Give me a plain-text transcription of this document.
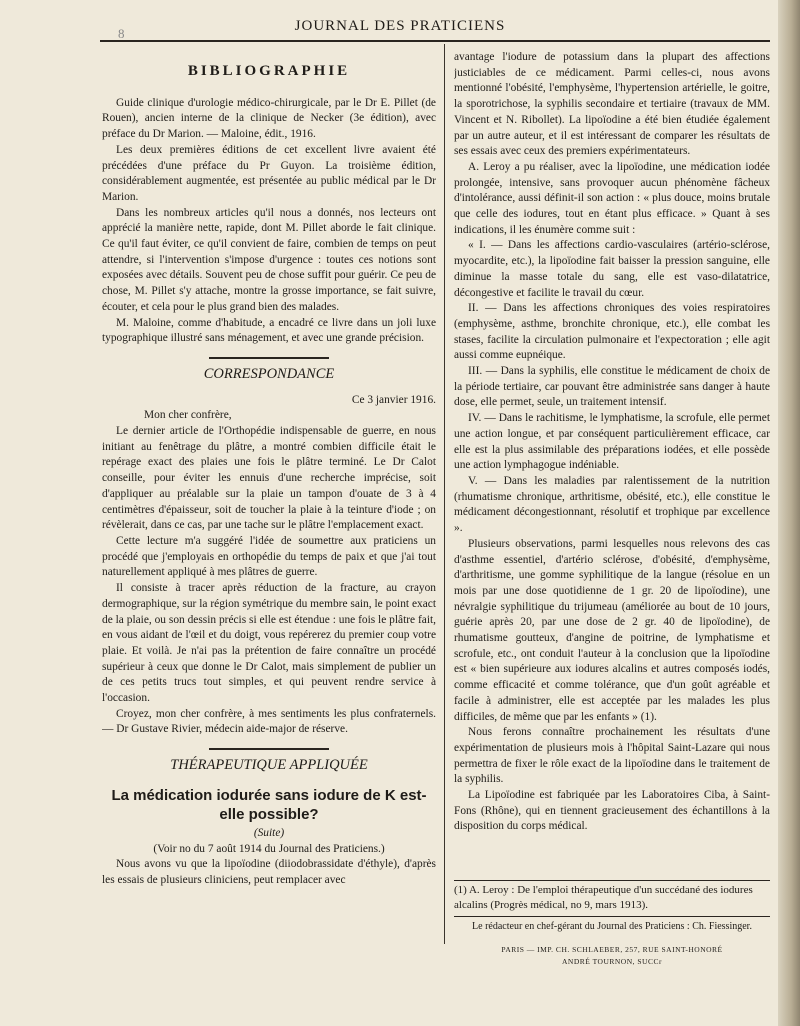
JOURNAL DES PRATICIENS
8
BIBLIOGRAPHIE

Guide clinique d'urologie médico-chirurgicale, par le Dr E. Pillet (de Rouen), ancien interne de la clinique de Necker (3e édition), avec préface du Dr Marion. — Maloine, édit., 1916.

Les deux premières éditions de cet excellent livre avaient été précédées d'une préface du Pr Guyon. La troisième édition, considérablement augmentée, est présentée au public médical par le Dr Marion.

Dans les nombreux articles qu'il nous a donnés, nos lecteurs ont apprécié la manière nette, rapide, dont M. Pillet aborde le fait clinique. Ce qu'il faut éviter, ce qu'il convient de faire, combien de temps on peut attendre, si l'intervention s'impose d'urgence : toutes ces notions sont exposées avec détails. Souvent peu de chose suffit pour guérir. Ce peu de chose, M. Pillet s'y attache, montre la grosse importance, se fait suivre, écouter, et cela pour le plus grand bien des malades.

M. Maloine, comme d'habitude, a encadré ce livre dans un joli luxe typographique illustré sans ménagement, et avec une grande précision.

CORRESPONDANCE

Ce 3 janvier 1916.

Mon cher confrère,

Le dernier article de l'Orthopédie indispensable de guerre, en nous initiant au fenêtrage du plâtre, a montré combien difficile était le repérage exact des plaies une fois le plâtre terminé. Le Dr Calot conseille, pour éviter les ennuis d'une recherche imprécise, soit d'appliquer au préalable sur la plaie un tampon d'ouate de 3 à 4 centimètres d'épaisseur, soit de toucher la plaie à la teinture d'iode ; on révèlerait, dans ce cas, par une tache sur le plâtre l'emplacement exact.

Cette lecture m'a suggéré l'idée de soumettre aux praticiens un procédé que j'employais en orthopédie du temps de paix et que j'ai tout naturellement appliqué à mes plâtres de guerre.

Il consiste à tracer après réduction de la fracture, au crayon dermographique, sur la région symétrique du membre sain, le point exact de la plaie, ou son dessin précis si elle est étendue : une fois le plâtre fait, en vous aidant de l'œil et du doigt, vous repérerez du premier coup votre plaie. Et voilà. Je n'ai pas la prétention de faire connaître un procédé supérieur à ceux que donne le Dr Calot, mais simplement de publier un de ces petits trucs tout simples, et qui peuvent rendre service à l'occasion.

Croyez, mon cher confrère, à mes sentiments les plus confraternels. — Dr Gustave Rivier, médecin aide-major de réserve.

THÉRAPEUTIQUE APPLIQUÉE
La médication iodurée sans iodure de K est-elle possible?

(Suite)

(Voir no du 7 août 1914 du Journal des Praticiens.)

Nous avons vu que la lipoïodine (diiodobrassidate d'éthyle), d'après les essais de plusieurs cliniciens, peut remplacer avec

avantage l'iodure de potassium dans la plupart des affections justiciables de ce médicament. Parmi celles-ci, nous avons mentionné l'obésité, l'emphysème, l'hypertension artérielle, le goitre, la sporotrichose, la syphilis secondaire et tertiaire (travaux de MM. Vincent et N. Ribollet). La lipoïodine a été bien étudiée également par un autre auteur, et il est intéressant de comparer les résultats de ses essais avec ceux des premiers expérimentateurs.

A. Leroy a pu réaliser, avec la lipoïodine, une médication iodée prolongée, intensive, sans provoquer aucun phénomène fâcheux d'intolérance, aussi définit-il son action : « plus douce, moins brutale que celle des iodures, tout en étant plus efficace. » Quant à ses indications, il les énumère comme suit :

« I. — Dans les affections cardio-vasculaires (artério-sclérose, myocardite, etc.), la lipoïodine fait baisser la pression sanguine, elle diminue la masse totale du sang, elle est vaso-dilatatrice, décongestive et facilite le travail du cœur.

II. — Dans les affections chroniques des voies respiratoires (emphysème, asthme, bronchite chronique, etc.), elle combat les stases, facilite la circulation pulmonaire et l'expectoration ; elle agit aussi comme eupnéique.

III. — Dans la syphilis, elle constitue le médicament de choix de la période tertiaire, car pouvant être administrée sans danger à haute dose, elle permet, seule, un traitement intensif.

IV. — Dans le rachitisme, le lymphatisme, la scrofule, elle permet une action longue, et par conséquent particulièrement efficace, car elle est la plus assimilable des préparations iodées, et elle possède une action lymphagogue indéniable.

V. — Dans les maladies par ralentissement de la nutrition (rhumatisme chronique, arthritisme, obésité, etc.), elle constitue le médicament décongestionnant, résolutif et trophique par excellence ».

Plusieurs observations, parmi lesquelles nous relevons des cas d'asthme essentiel, d'artério sclérose, d'obésité, d'emphysème, d'arthritisme, une gomme syphilitique de la langue (résolue en un mois par une dose quotidienne de 1 gr. 20 de lipoïodine), une névralgie syphilitique du trijumeau (améliorée au bout de 10 jours, guérie après 20, par une dose de 2 gr. 40 de lipoïodine), de rhumatisme goutteux, d'angine de poitrine, de lymphatisme et scrofule, etc., ont conduit l'auteur à la conclusion que la lipoïodine est « bien supérieure aux iodures alcalins et autres composés iodés, comme efficacité et comme tolérance, que d'un goût agréable et facile à administrer, elle est acceptée par les malades les plus difficiles, de même que par les enfants » (1).

Nous ferons connaître prochainement les résultats d'une expérimentation de plusieurs mois à l'hôpital Saint-Lazare qui nous permettra de fixer le rôle exact de la lipoïodine dans le traitement de la syphilis.

La Lipoïodine est fabriquée par les Laboratoires Ciba, à Saint-Fons (Rhône), qui en tiennent gracieusement des échantillons à la disposition du corps médical.

(1) A. Leroy : De l'emploi thérapeutique d'un succédané des iodures alcalins (Progrès médical, no 9, mars 1913).
Le rédacteur en chef-gérant du Journal des Praticiens : Ch. Fiessinger.
PARIS — IMP. CH. SCHLAEBER, 257, RUE SAINT-HONORÉ
ANDRÉ TOURNON, SUCCr
